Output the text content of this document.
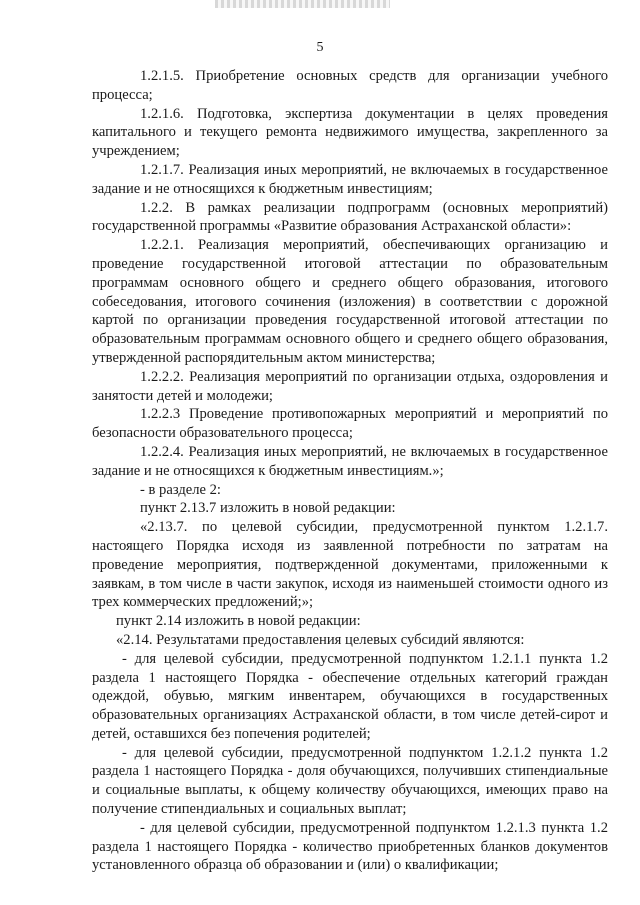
5

1.2.1.5. Приобретение основных средств для организации учебного процесса;

1.2.1.6. Подготовка, экспертиза документации в целях проведения капитального и текущего ремонта недвижимого имущества, закрепленного за учреждением;

1.2.1.7. Реализация иных мероприятий, не включаемых в государственное задание и не относящихся к бюджетным инвестициям;

1.2.2. В рамках реализации подпрограмм (основных мероприятий) государственной программы «Развитие образования Астраханской области»:

1.2.2.1. Реализация мероприятий, обеспечивающих организацию и проведение государственной итоговой аттестации по образовательным программам основного общего и среднего общего образования, итогового собеседования, итогового сочинения (изложения) в соответствии с дорожной картой по организации проведения государственной итоговой аттестации по образовательным программам основного общего и среднего общего образования, утвержденной распорядительным актом министерства;

1.2.2.2. Реализация мероприятий по организации отдыха, оздоровления и занятости детей и молодежи;

1.2.2.3 Проведение противопожарных мероприятий и мероприятий по безопасности образовательного процесса;

1.2.2.4. Реализация иных мероприятий, не включаемых в государственное задание и не относящихся к бюджетным инвестициям.»;

- в разделе 2:

пункт 2.13.7 изложить в новой редакции:

«2.13.7. по целевой субсидии, предусмотренной пунктом 1.2.1.7. настоящего Порядка исходя из заявленной потребности по затратам на проведение мероприятия, подтвержденной документами, приложенными к заявкам, в том числе в части закупок, исходя из наименьшей стоимости одного из трех коммерческих предложений;»;

пункт 2.14 изложить в новой редакции:

«2.14. Результатами предоставления целевых субсидий являются:

- для целевой субсидии, предусмотренной подпунктом 1.2.1.1 пункта 1.2 раздела 1 настоящего Порядка - обеспечение отдельных категорий граждан одеждой, обувью, мягким инвентарем, обучающихся в государственных образовательных организациях Астраханской области, в том числе детей-сирот и детей, оставшихся без попечения родителей;

- для целевой субсидии, предусмотренной подпунктом 1.2.1.2 пункта 1.2 раздела 1 настоящего Порядка - доля обучающихся, получивших стипендиальные и социальные выплаты, к общему количеству обучающихся, имеющих право на получение стипендиальных и социальных выплат;

- для целевой субсидии, предусмотренной подпунктом 1.2.1.3 пункта 1.2 раздела 1 настоящего Порядка - количество приобретенных бланков документов установленного образца об образовании и (или) о квалификации;
